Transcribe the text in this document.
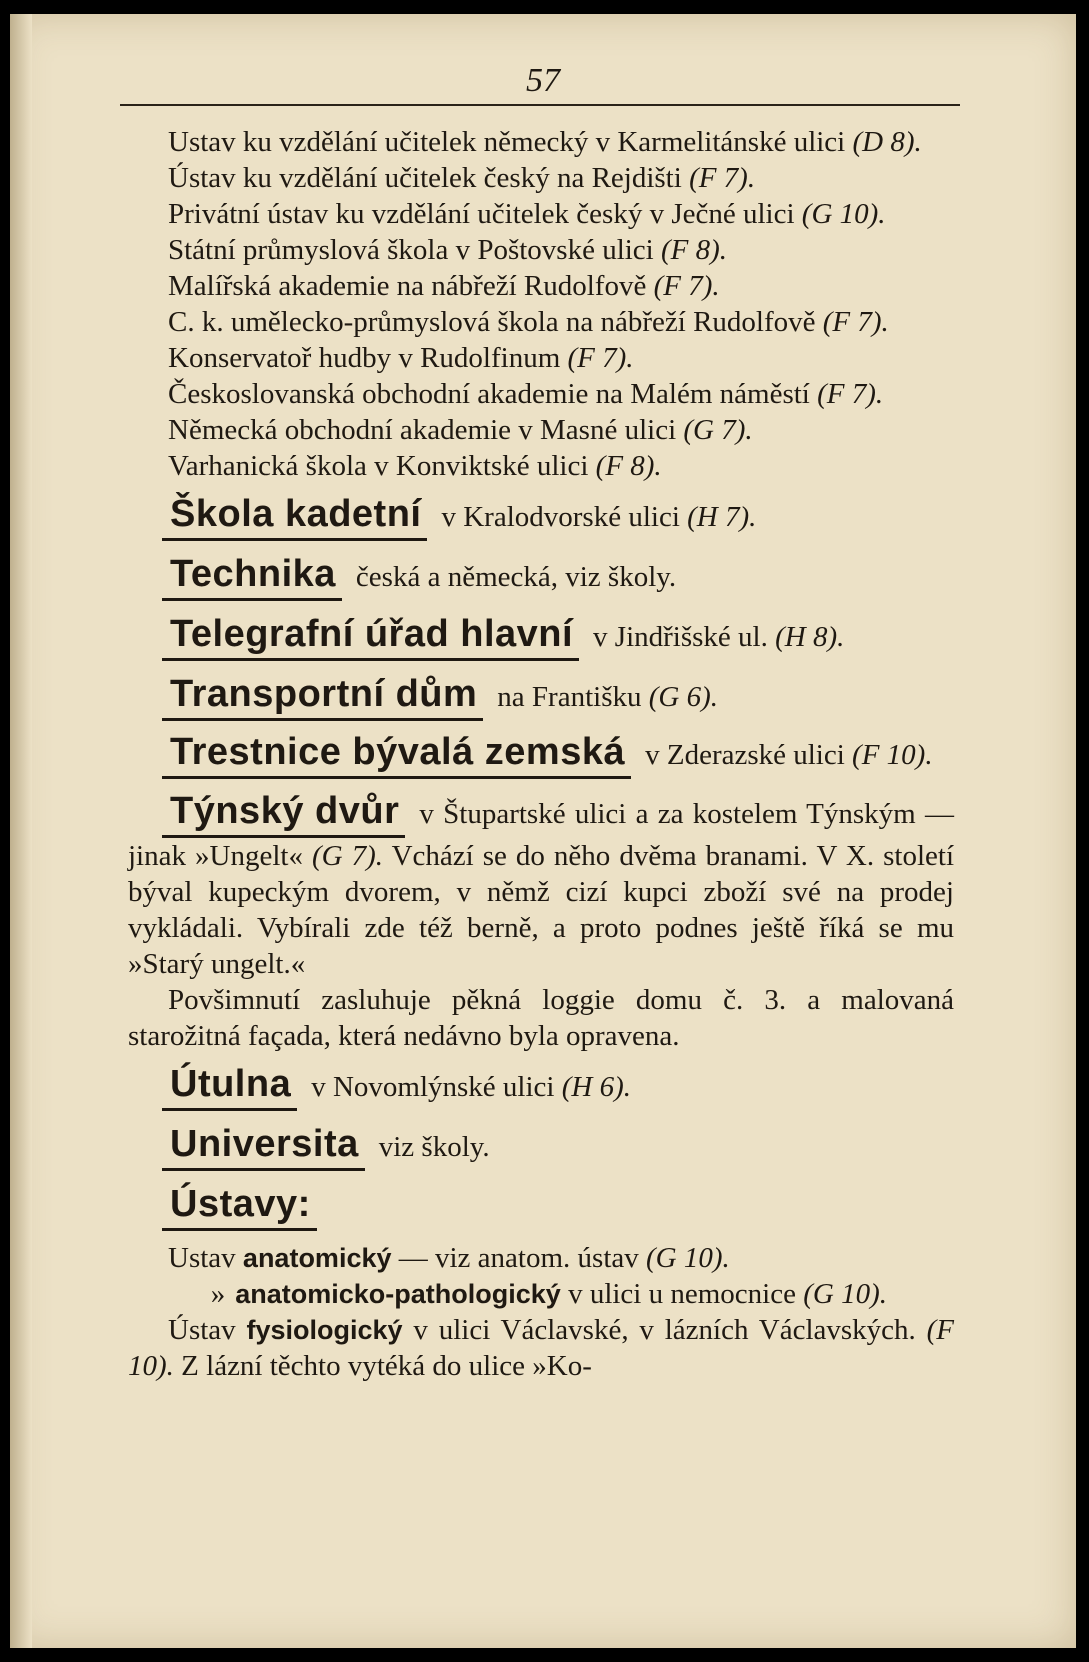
57

Ustav ku vzdělání učitelek německý v Karmelitánské ulici (D 8).

Ústav ku vzdělání učitelek český na Rejdišti (F 7).

Privátní ústav ku vzdělání učitelek český v Ječné ulici (G 10).

Státní průmyslová škola v Poštovské ulici (F 8).

Malířská akademie na nábřeží Rudolfově (F 7).

C. k. umělecko-průmyslová škola na nábřeží Rudolfově (F 7).

Konservatoř hudby v Rudolfinum (F 7).

Českoslovanská obchodní akademie na Malém náměstí (F 7).

Německá obchodní akademie v Masné ulici (G 7).

Varhanická škola v Konviktské ulici (F 8).

Škola kadetní v Kralodvorské ulici (H 7).

Technika česká a německá, viz školy.

Telegrafní úřad hlavní v Jindřišské ul. (H 8).

Transportní dům na Františku (G 6).

Trestnice bývalá zemská v Zderazské ulici (F 10).

Týnský dvůr v Štupartské ulici a za kostelem Týnským — jinak »Ungelt« (G 7). Vchází se do něho dvěma branami. V X. století býval kupeckým dvorem, v němž cizí kupci zboží své na prodej vykládali. Vybírali zde též berně, a proto podnes ještě říká se mu »Starý ungelt.«

Povšimnutí zasluhuje pěkná loggie domu č. 3. a malovaná starožitná façada, která nedávno byla opravena.

Útulna v Novomlýnské ulici (H 6).

Universita viz školy.

Ústavy:

Ustav anatomický — viz anatom. ústav (G 10).

» anatomicko-pathologický v ulici u nemocnice (G 10).

Ústav fysiologický v ulici Václavské, v lázních Václavských. (F 10). Z lázní těchto vytéká do ulice »Ko-
